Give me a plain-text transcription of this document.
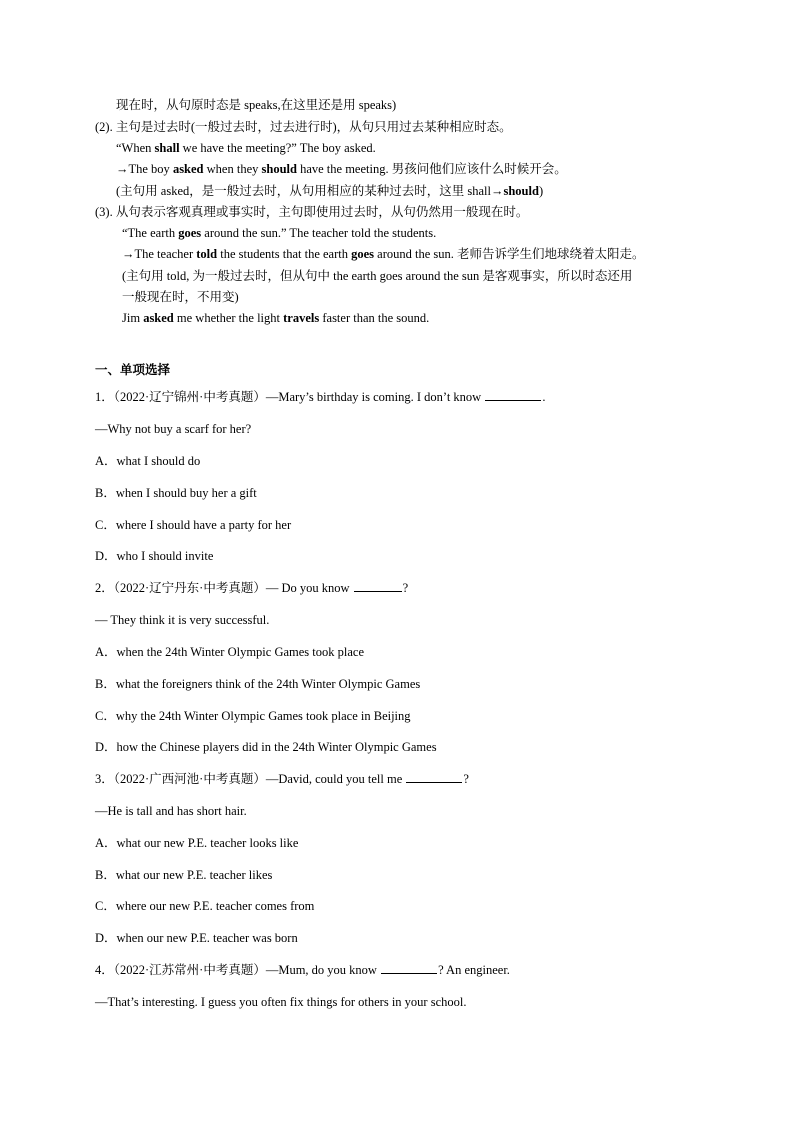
现在时，从句原时态是 speaks,在这里还是用 speaks)
(2). 主句是过去时(一般过去时，过去进行时)，从句只用过去某种相应时态。
“When shall we have the meeting?” The boy asked.
→The boy asked when they should have the meeting. 男孩问他们应该什么时候开会。
(主句用 asked，是一般过去时，从句用相应的某种过去时，这里 shall→should)
(3). 从句表示客观真理或事实时，主句即使用过去时，从句仍然用一般现在时。
“The earth goes around the sun.” The teacher told the students.
→The teacher told the students that the earth goes around the sun. 老师告诉学生们地球绕着太阳走。
(主句用 told, 为一般过去时，但从句中 the earth goes around the sun 是客观事实，所以时态还用
一般现在时，不用变)
Jim asked me whether the light travels faster than the sound.
一、单项选择
1．（2022·辽宁锦州·中考真题）—Mary’s birthday is coming. I don’t know	.
—Why not buy a scarf for her?
A．what I should do
B．when I should buy her a gift
C．where I should have a party for her
D．who I should invite
2．（2022·辽宁丹东·中考真题）— Do you know	?
— They think it is very successful.
A．when the 24th Winter Olympic Games took place
B．what the foreigners think of the 24th Winter Olympic Games
C．why the 24th Winter Olympic Games took place in Beijing
D．how the Chinese players did in the 24th Winter Olympic Games
3．（2022·广西河池·中考真题）—David, could you tell me	?
—He is tall and has short hair.
A．what our new P.E. teacher looks like
B．what our new P.E. teacher likes
C．where our new P.E. teacher comes from
D．when our new P.E. teacher was born
4．（2022·江苏常州·中考真题）—Mum, do you know	? An engineer.
—That’s interesting. I guess you often fix things for others in your school.
